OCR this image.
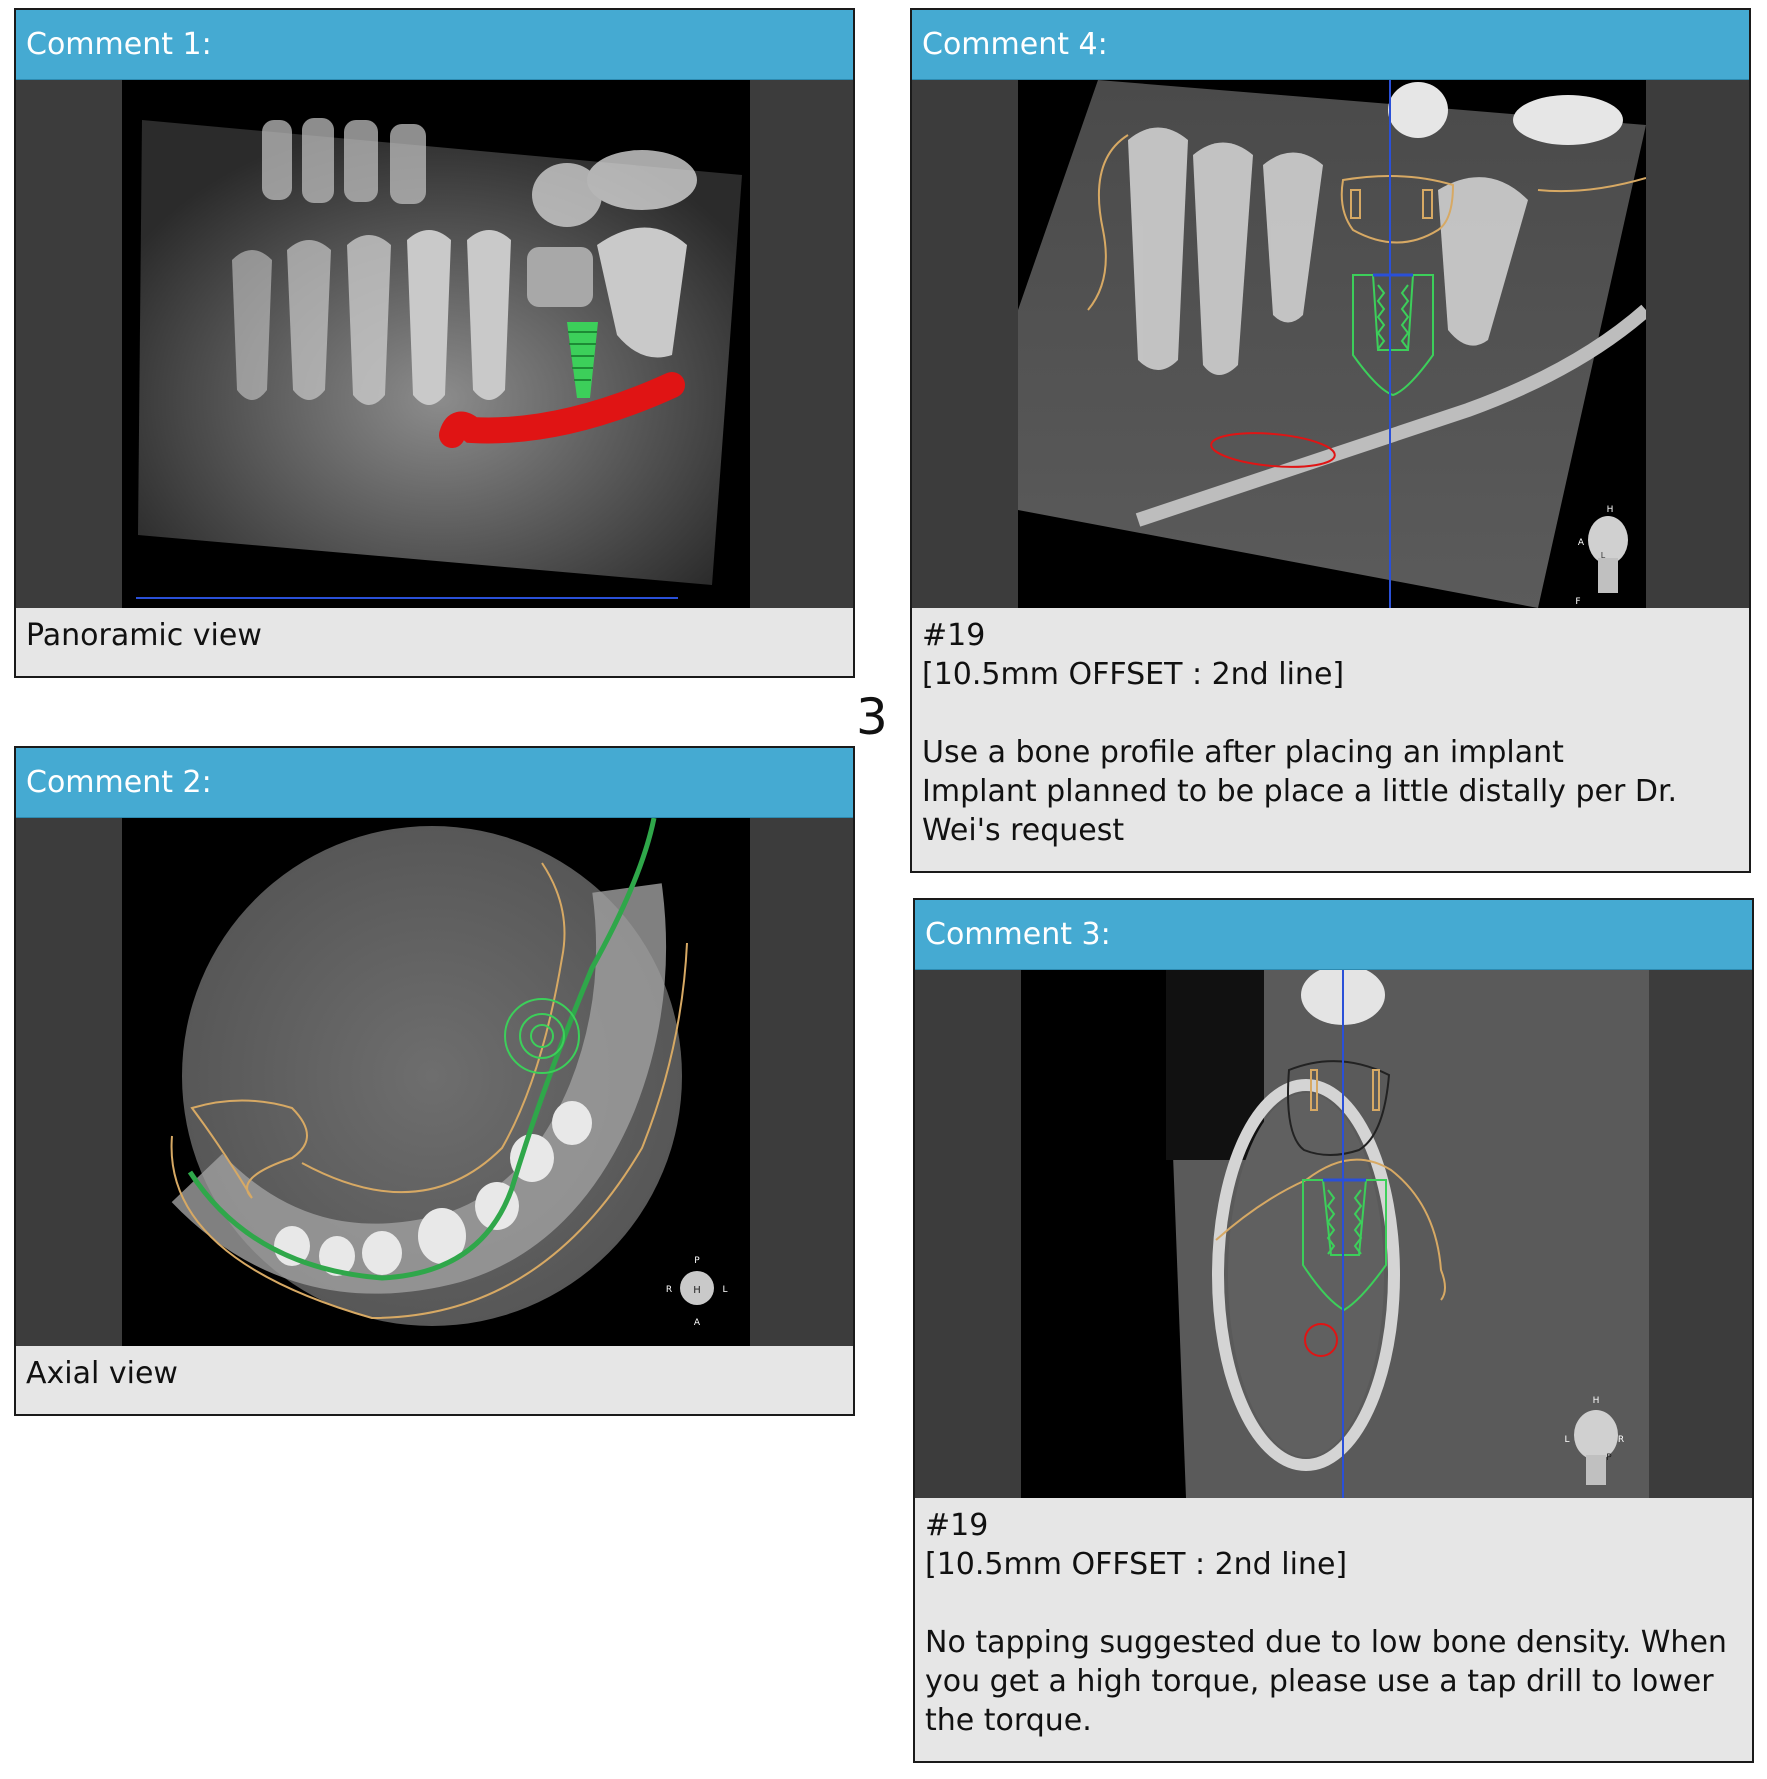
3
Comment 1:
Panoramic view
Comment 2:
H
P
R	L
A
Axial view
Comment 4:
H
A
L
F
#19
[10.5mm OFFSET : 2nd line]
Use a bone profile after placing an implant
Implant planned to be place a little distally per Dr.
Wei's request
Comment 3:
H
L	R
P
#19
[10.5mm OFFSET : 2nd line]
No tapping suggested due to low bone density. When
you get a high torque, please use a tap drill to lower
the torque.
